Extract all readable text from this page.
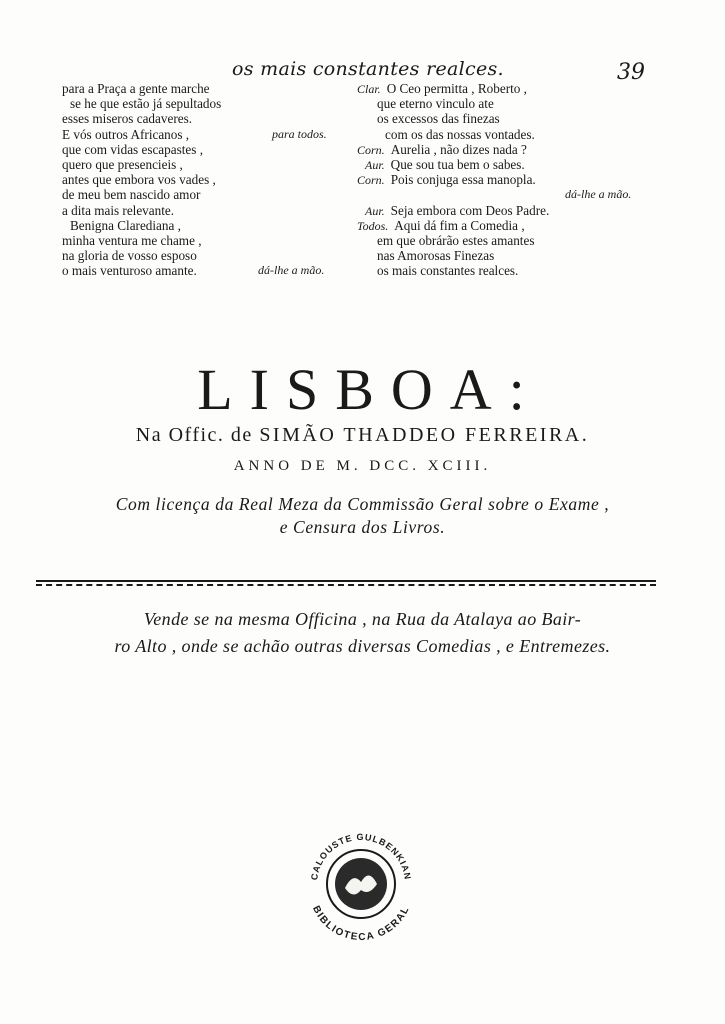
os mais constantes realces.	39
para a Praça a gente marche
se he que estão já sepultados
esses miseros cadaveres.
E vós outros Africanos ,	para todos.
que com vidas escapastes ,
quero que presencieis ,
antes que embora vos vades ,
de meu bem nascido amor
a dita mais relevante.
Benigna Clarediana ,
minha ventura me chame ,
na gloria de vosso esposo
o mais venturoso amante.	dá-lhe a mão.
Clar. O Ceo permitta , Roberto ,
que eterno vinculo ate
os excessos das finezas
com os das nossas vontades.
Corn. Aurelia , não dizes nada ?
Aur. Que sou tua bem o sabes.
Corn. Pois conjuga essa manopla.
dá-lhe a mão.
Aur. Seja embora com Deos Padre.
Todos. Aqui dá fim a Comedia ,
em que obrárão estes amantes
nas Amorosas Finezas
os mais constantes realces.
LISBOA:
Na Offic. de SIMÃO THADDEO FERREIRA.
ANNO DE M. DCC. XCIII.
Com licença da Real Meza da Commissão Geral sobre o Exame ,
e Censura dos Livros.
Vende se na mesma Officina , na Rua da Atalaya ao Bair-
ro Alto , onde se achão outras diversas Comedias , e Entremezes.
CALOUSTE GULBENKIAN
BIBLIOTECA GERAL
